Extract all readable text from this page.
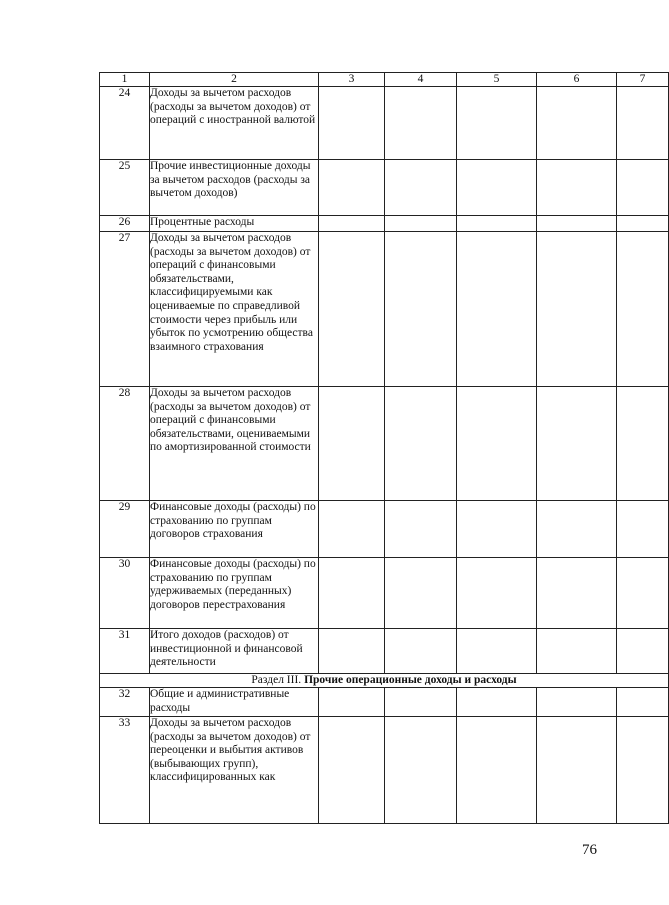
1	2	3	4	5	6	7
24	Доходы за вычетом расходов (расходы за вычетом доходов) от операций с иностранной валютой					
25	Прочие инвестиционные доходы за вычетом расходов (расходы за вычетом доходов)					
26	Процентные расходы					
27	Доходы за вычетом расходов (расходы за вычетом доходов) от операций с финансовыми обязательствами, классифицируемыми как оцениваемые по справедливой стоимости через прибыль или убыток по усмотрению общества взаимного страхования					
28	Доходы за вычетом расходов (расходы за вычетом доходов) от операций с финансовыми обязательствами, оцениваемыми по амортизированной стоимости					
29	Финансовые доходы (расходы) по страхованию по группам договоров страхования					
30	Финансовые доходы (расходы) по страхованию по группам удерживаемых (переданных) договоров перестрахования					
31	Итого доходов (расходов) от инвестиционной и финансовой деятельности					
Раздел III. Прочие операционные доходы и расходы						
32	Общие и административные расходы					
33	Доходы за вычетом расходов (расходы за вычетом доходов) от переоценки и выбытия активов (выбывающих групп), классифицированных как					
76
